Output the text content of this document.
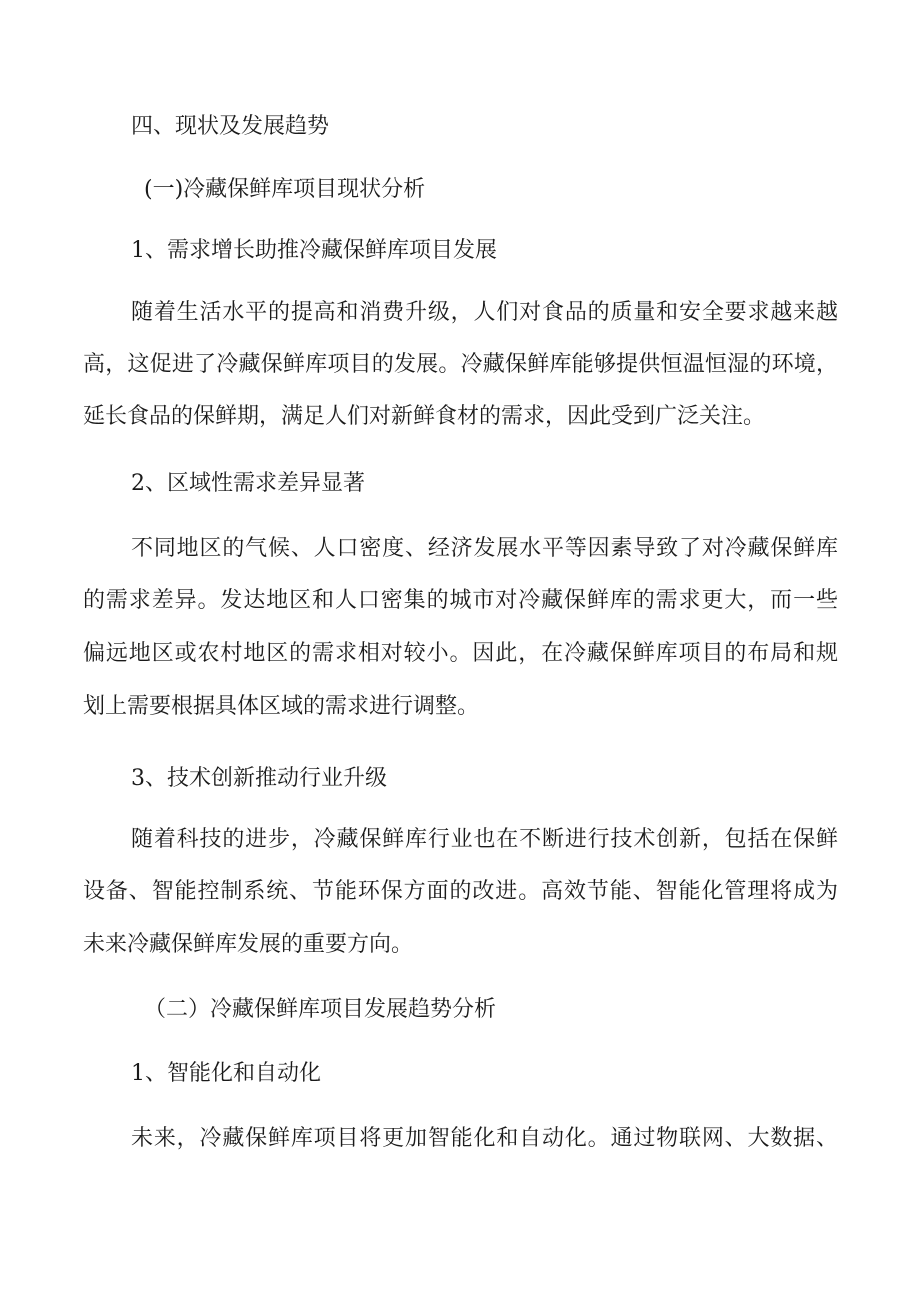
四、现状及发展趋势

(一)冷藏保鲜库项目现状分析

1、需求增长助推冷藏保鲜库项目发展

随着生活水平的提高和消费升级，人们对食品的质量和安全要求越来越

高，这促进了冷藏保鲜库项目的发展。冷藏保鲜库能够提供恒温恒湿的环境，

延长食品的保鲜期，满足人们对新鲜食材的需求，因此受到广泛关注。

2、区域性需求差异显著

不同地区的气候、人口密度、经济发展水平等因素导致了对冷藏保鲜库

的需求差异。发达地区和人口密集的城市对冷藏保鲜库的需求更大，而一些

偏远地区或农村地区的需求相对较小。因此，在冷藏保鲜库项目的布局和规

划上需要根据具体区域的需求进行调整。

3、技术创新推动行业升级

随着科技的进步，冷藏保鲜库行业也在不断进行技术创新，包括在保鲜

设备、智能控制系统、节能环保方面的改进。高效节能、智能化管理将成为

未来冷藏保鲜库发展的重要方向。

（二）冷藏保鲜库项目发展趋势分析

1、智能化和自动化

未来，冷藏保鲜库项目将更加智能化和自动化。通过物联网、大数据、
